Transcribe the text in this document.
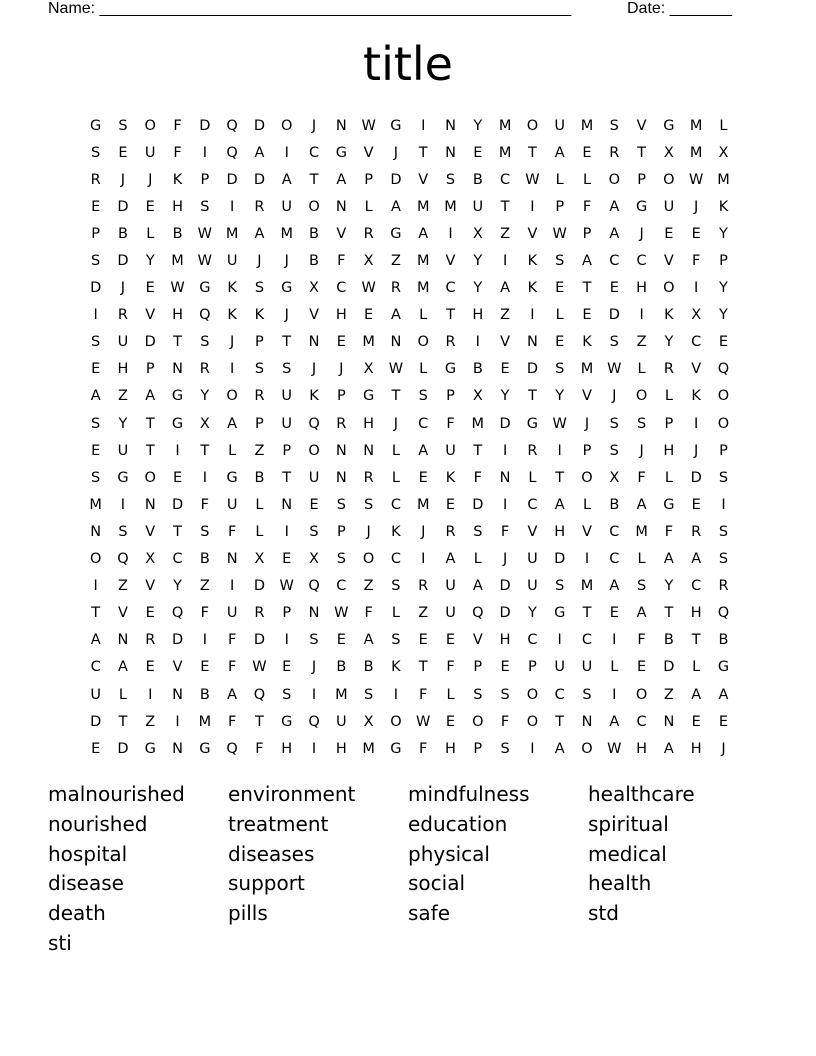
Name: _____________________________________________________	Date: _______
title
G	S	O	F	D	Q	D	O	J	N	W	G	I	N	Y	M	O	U	M	S	V	G	M	L
S	E	U	F	I	Q	A	I	C	G	V	J	T	N	E	M	T	A	E	R	T	X	M	X
R	J	J	K	P	D	D	A	T	A	P	D	V	S	B	C	W	L	L	O	P	O W M
E	D	E	H	S	I	R	U	O	N	L	A	M	M	U	T	I	P	F	A	G	U	J	K
P	B	L	B	W M	A	M	B	V	R	G	A	I	X	Z	V	W	P	A	J	E	E	Y
S	D	Y	M W	U	J	J	B	F	X	Z	M	V	Y	I	K	S	A	C	C	V	F	P
D	J	E	W	G	K	S	G	X	C	W	R	M	C	Y	A	K	E	T	E	H	O	I	Y
I	R	V	H	Q	K	K	J	V	H	E	A	L	T	H	Z	I	L	E	D	I	K	X	Y
S	U	D	T	S	J	P	T	N	E	M	N	O	R	I	V	N	E	K	S	Z	Y	C	E
E	H	P	N	R	I	S	S	J	J	X	W	L	G	B	E	D	S	M W	L	R	V	Q
A	Z	A	G	Y	O	R	U	K	P	G	T	S	P	X	Y	T	Y	V	J	O	L	K	O
S	Y	T	G	X	A	P	U	Q	R	H	J	C	F	M	D	G	W	J	S	S	P	I	O
E	U	T	I	T	L	Z	P	O	N	N	L	A	U	T	I	R	I	P	S	J	H	J	P
S	G	O	E	I	G	B	T	U	N	R	L	E	K	F	N	L	T	O	X	F	L	D	S
M	I	N	D	F	U	L	N	E	S	S	C	M	E	D	I	C	A	L	B	A	G	E	I
N	S	V	T	S	F	L	I	S	P	J	K	J	R	S	F	V	H	V	C	M	F	R	S
O	Q	X	C	B	N	X	E	X	S	O	C	I	A	L	J	U	D	I	C	L	A	A	S
I	Z	V	Y	Z	I	D	W Q	C	Z	S	R	U	A	D	U	S	M	A	S	Y	C	R
T	V	E	Q	F	U	R	P	N	W	F	L	Z	U	Q	D	Y	G	T	E	A	T	H	Q
A	N	R	D	I	F	D	I	S	E	A	S	E	E	V	H	C	I	C	I	F	B	T	B
C	A	E	V	E	F	W	E	J	B	B	K	T	F	P	E	P	U	U	L	E	D	L	G
U	L	I	N	B	A	Q	S	I	M	S	I	F	L	S	S	O	C	S	I	O	Z	A	A
D	T	Z	I	M	F	T	G	Q	U	X	O W	E	O	F	O	T	N	A	C	N	E	E
E	D	G	N	G	Q	F	H	I	H	M	G	F	H	P	S	I	A	O W	H	A	H	J
malnourished	environment	mindfulness	healthcare
nourished	treatment	education	spiritual
hospital	diseases	physical	medical
disease	support	social	health
death	pills	safe	std
sti
